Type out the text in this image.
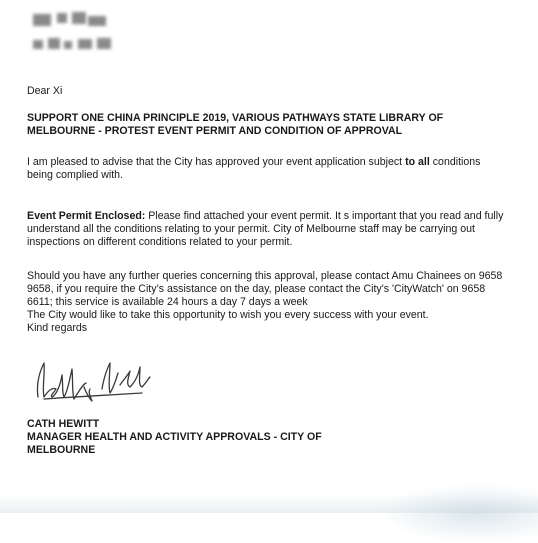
Dear Xi
SUPPORT ONE CHINA PRINCIPLE 2019, VARIOUS PATHWAYS STATE LIBRARY OF MELBOURNE - PROTEST EVENT PERMIT AND CONDITION OF APPROVAL
I am pleased to advise that the City has approved your event application subject to all conditions being complied with.
Event Permit Enclosed: Please find attached your event permit. It s important that you read and fully understand all the conditions relating to your permit. City of Melbourne staff may be carrying out inspections on different conditions related to your permit.
Should you have any further queries concerning this approval, please contact Amu Chainees on 9658 9658, if you require the City’s assistance on the day, please contact the City's 'CityWatch' on 9658 6611; this service is available 24 hours a day 7 days a week
The City would like to take this opportunity to wish you every success with your event.
Kind regards
CATH HEWITT
MANAGER HEALTH AND ACTIVITY APPROVALS - CITY OF MELBOURNE
